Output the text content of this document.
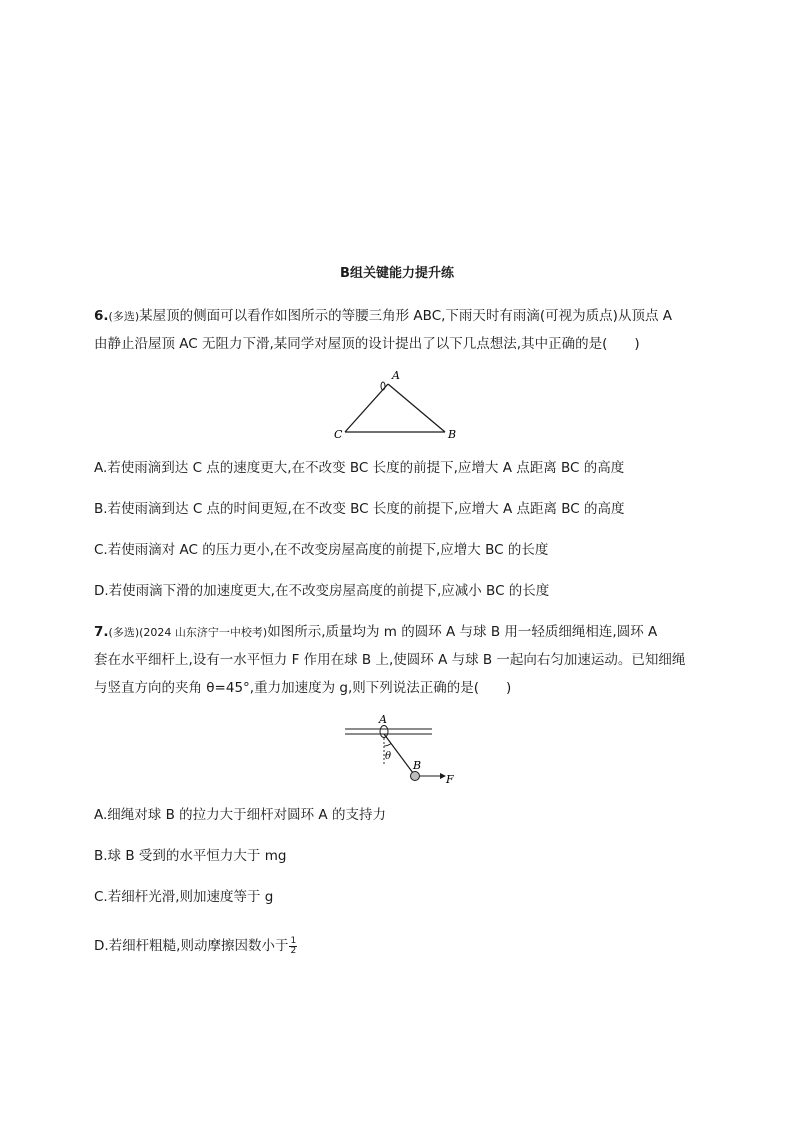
B组关键能力提升练
6.(多选)某屋顶的侧面可以看作如图所示的等腰三角形 ABC,下雨天时有雨滴(可视为质点)从顶点 A
由静止沿屋顶 AC 无阻力下滑,某同学对屋顶的设计提出了以下几点想法,其中正确的是(　　)
A
C	B
A.若使雨滴到达 C 点的速度更大,在不改变 BC 长度的前提下,应增大 A 点距离 BC 的高度
B.若使雨滴到达 C 点的时间更短,在不改变 BC 长度的前提下,应增大 A 点距离 BC 的高度
C.若使雨滴对 AC 的压力更小,在不改变房屋高度的前提下,应增大 BC 的长度
D.若使雨滴下滑的加速度更大,在不改变房屋高度的前提下,应减小 BC 的长度
7.(多选)(2024 山东济宁一中校考)如图所示,质量均为 m 的圆环 A 与球 B 用一轻质细绳相连,圆环 A
套在水平细杆上,设有一水平恒力 F 作用在球 B 上,使圆环 A 与球 B 一起向右匀加速运动。已知细绳
与竖直方向的夹角 θ=45°,重力加速度为 g,则下列说法正确的是(　　)
A
θ
B
F
A.细绳对球 B 的拉力大于细杆对圆环 A 的支持力
B.球 B 受到的水平恒力大于 mg
C.若细杆光滑,则加速度等于 g
D.若细杆粗糙,则动摩擦因数小于 $\frac{1}{2}$
